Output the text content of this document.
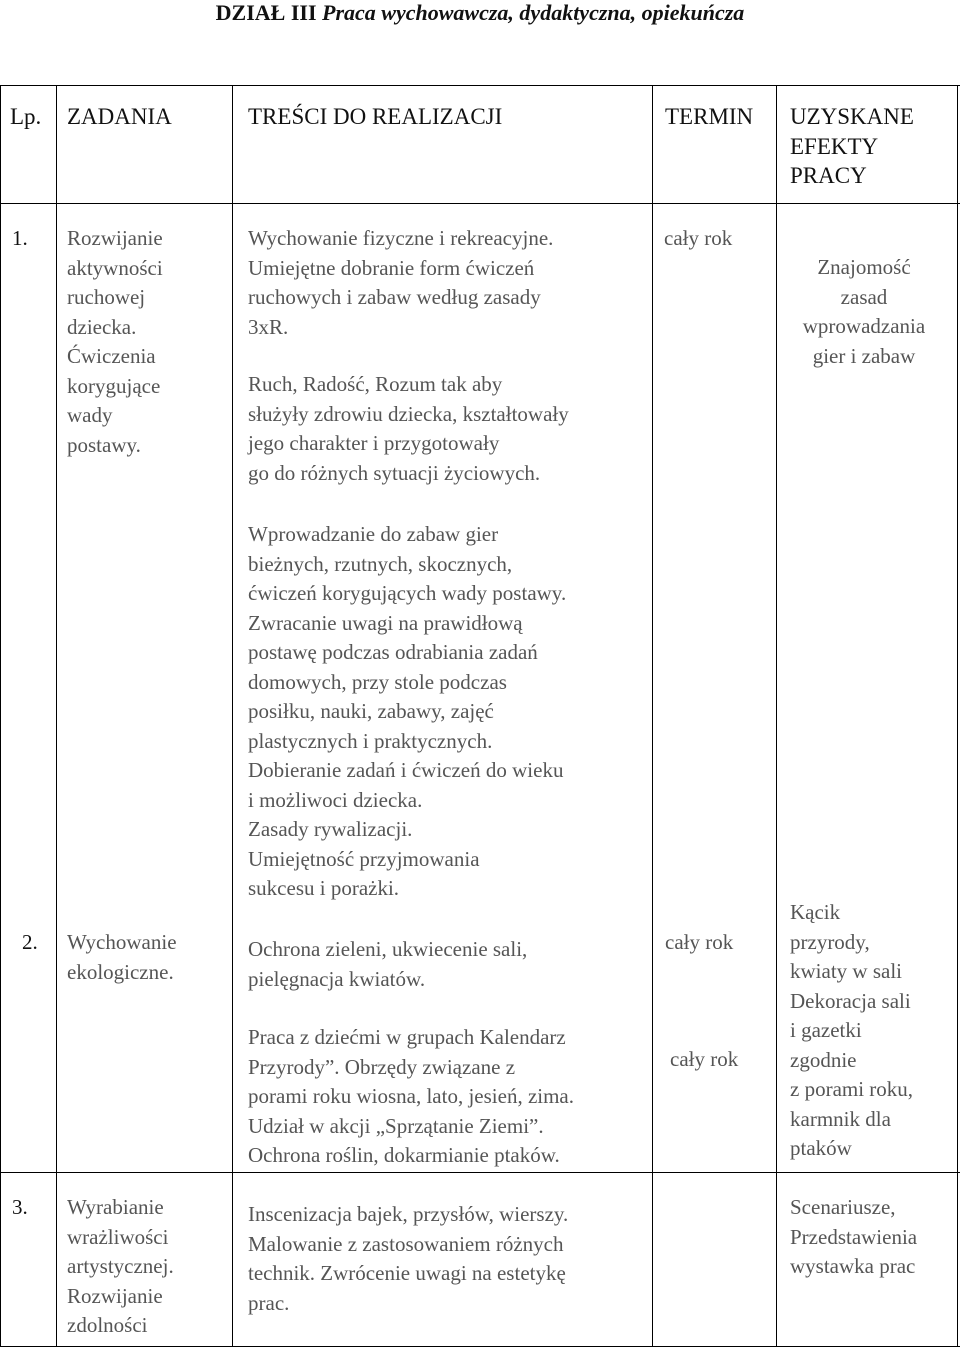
DZIAŁ III Praca wychowawcza, dydaktyczna, opiekuńcza
Lp. ZADANIA	TREŚCI DO REALIZACJI	TERMIN UZYSKANE

EFEKTY

PRACY

1. Rozwijanie

aktywności

ruchowej

dziecka.

Ćwiczenia

korygujące

wady

postawy.

Wychowanie fizyczne i rekreacyjne.

Umiejętne dobranie form ćwiczeń

ruchowych i zabaw według zasady

3xR.

Ruch, Radość, Rozum tak aby

służyły zdrowiu dziecka, kształtowały

jego charakter i przygotowały

go do różnych sytuacji życiowych.

cały rok

Znajomość

zasad

wprowadzania

gier i zabaw

Wprowadzanie do zabaw gier

bieżnych, rzutnych, skocznych,

ćwiczeń korygujących wady postawy.

Zwracanie uwagi na prawidłową

postawę podczas odrabiania zadań

domowych, przy stole podczas

posiłku, nauki, zabawy, zajęć

plastycznych i praktycznych.

Dobieranie zadań i ćwiczeń do wieku

i możliwoci dziecka.

Zasady rywalizacji.

Umiejętność przyjmowania

sukcesu i porażki.

2. Wychowanie

ekologiczne.

Ochrona zieleni, ukwiecenie sali,

pielęgnacja kwiatów.

Praca z dziećmi w grupach Kalendarz

Przyrody”. Obrzędy związane z

porami roku wiosna, lato, jesień, zima.

Udział w akcji „Sprzątanie Ziemi”.

Ochrona roślin, dokarmianie ptaków.

cały rok
cały rok

Kącik

przyrody,

kwiaty w sali

Dekoracja sali

i gazetki

zgodnie

z porami roku,

karmnik dla

ptaków

3. Wyrabianie

wrażliwości

artystycznej.

Rozwijanie

zdolności

Inscenizacja bajek, przysłów, wierszy.

Malowanie z zastosowaniem różnych

technik. Zwrócenie uwagi na estetykę

prac.

Scenariusze,

Przedstawienia

wystawka prac
